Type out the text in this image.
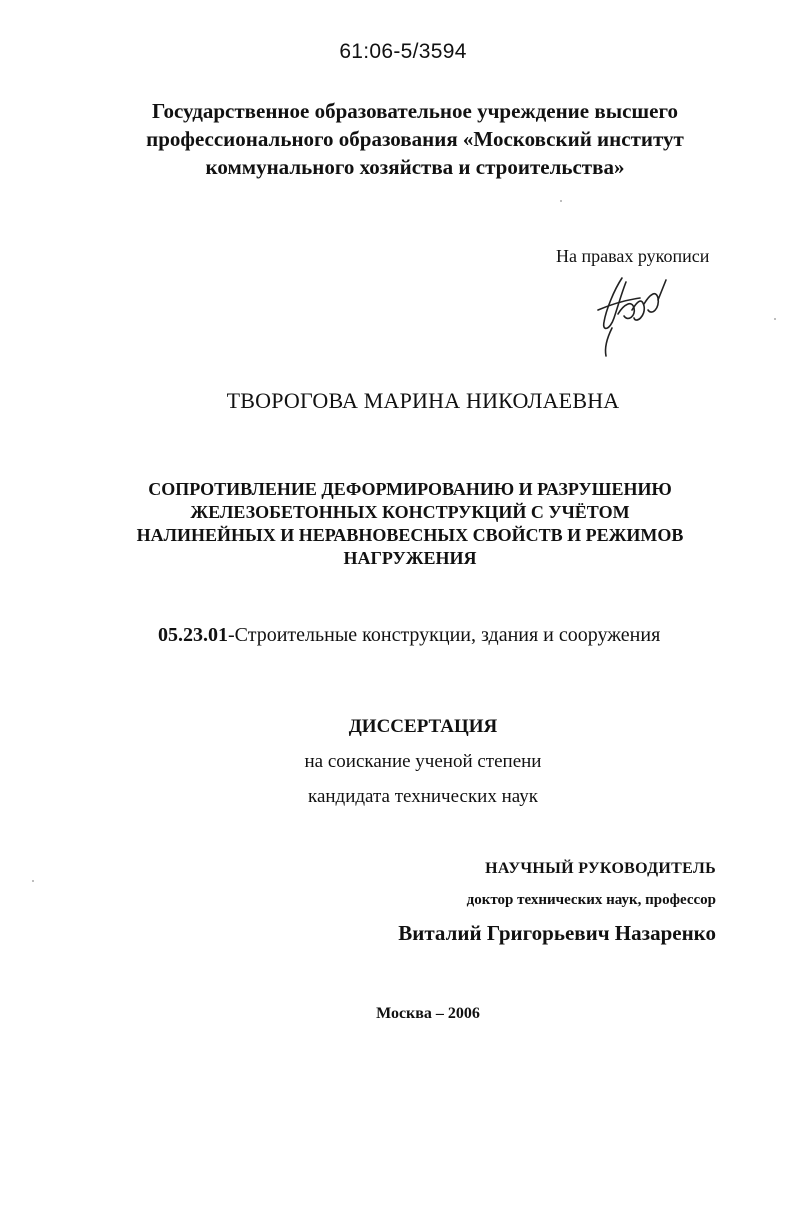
61:06-5/3594
Государственное образовательное учреждение высшего
профессионального образования «Московский институт
коммунального хозяйства и строительства»
На правах рукописи
ТВОРОГОВА МАРИНА НИКОЛАЕВНА
СОПРОТИВЛЕНИЕ ДЕФОРМИРОВАНИЮ И РАЗРУШЕНИЮ
ЖЕЛЕЗОБЕТОННЫХ КОНСТРУКЦИЙ С УЧЁТОМ
НАЛИНЕЙНЫХ И НЕРАВНОВЕСНЫХ СВОЙСТВ И РЕЖИМОВ
НАГРУЖЕНИЯ
05.23.01-Строительные конструкции, здания и сооружения
ДИССЕРТАЦИЯ
на соискание ученой степени
кандидата технических наук
НАУЧНЫЙ РУКОВОДИТЕЛЬ
доктор технических наук, профессор
Виталий Григорьевич Назаренко
Москва – 2006
